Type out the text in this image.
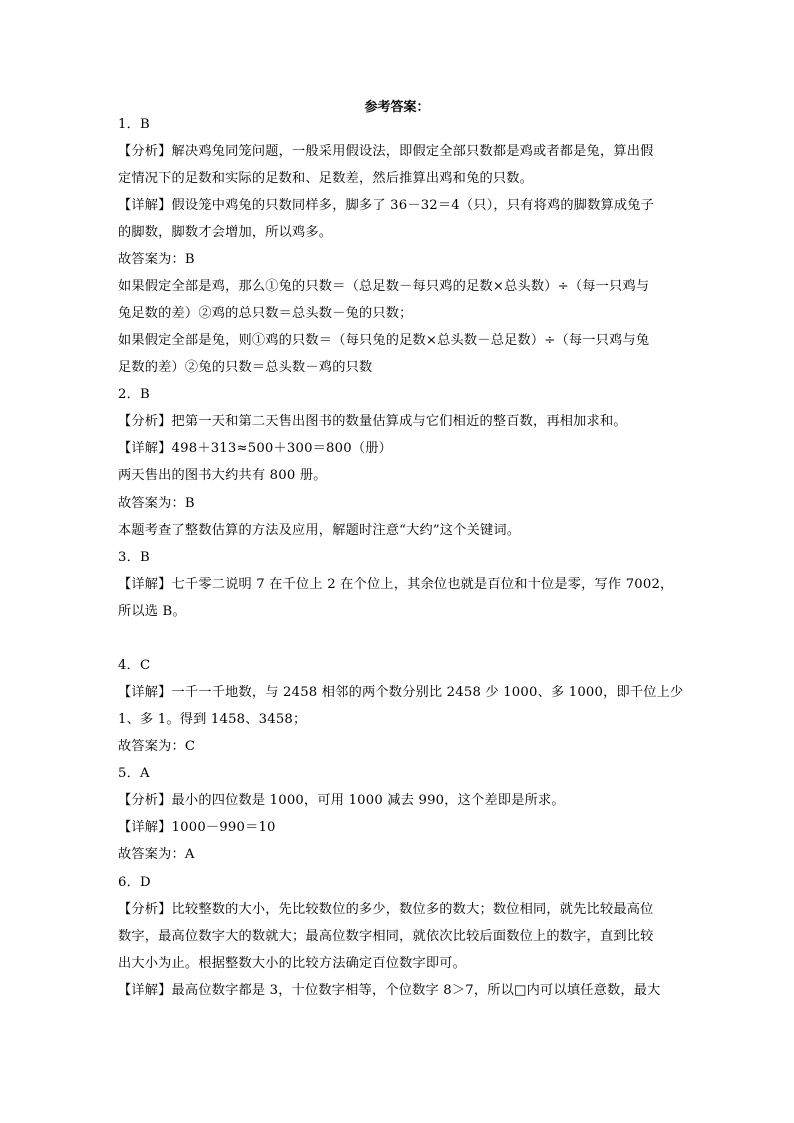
参考答案：
1．B
【分析】解决鸡兔同笼问题，一般采用假设法，即假定全部只数都是鸡或者都是兔，算出假
定情况下的足数和实际的足数和、足数差，然后推算出鸡和兔的只数。
【详解】假设笼中鸡兔的只数同样多，脚多了 36－32＝4（只），只有将鸡的脚数算成兔子
的脚数，脚数才会增加，所以鸡多。
故答案为：B
如果假定全部是鸡，那么①兔的只数＝（总足数－每只鸡的足数×总头数）÷（每一只鸡与
兔足数的差）②鸡的总只数＝总头数－兔的只数；
如果假定全部是兔，则①鸡的只数＝（每只兔的足数×总头数－总足数）÷（每一只鸡与兔
足数的差）②兔的只数＝总头数－鸡的只数
2．B
【分析】把第一天和第二天售出图书的数量估算成与它们相近的整百数，再相加求和。
【详解】498＋313≈500＋300＝800（册）
两天售出的图书大约共有 800 册。
故答案为：B
本题考查了整数估算的方法及应用，解题时注意“大约”这个关键词。
3．B
【详解】七千零二说明 7 在千位上 2 在个位上，其余位也就是百位和十位是零，写作 7002，
所以选 B。
4．C
【详解】一千一千地数，与 2458 相邻的两个数分别比 2458 少 1000、多 1000，即千位上少
1、多 1。得到 1458、3458；
故答案为：C
5．A
【分析】最小的四位数是 1000，可用 1000 减去 990，这个差即是所求。
【详解】1000－990＝10
故答案为：A
6．D
【分析】比较整数的大小，先比较数位的多少，数位多的数大；数位相同，就先比较最高位
数字，最高位数字大的数就大；最高位数字相同，就依次比较后面数位上的数字，直到比较
出大小为止。根据整数大小的比较方法确定百位数字即可。
【详解】最高位数字都是 3，十位数字相等，个位数字 8＞7，所以□内可以填任意数，最大
